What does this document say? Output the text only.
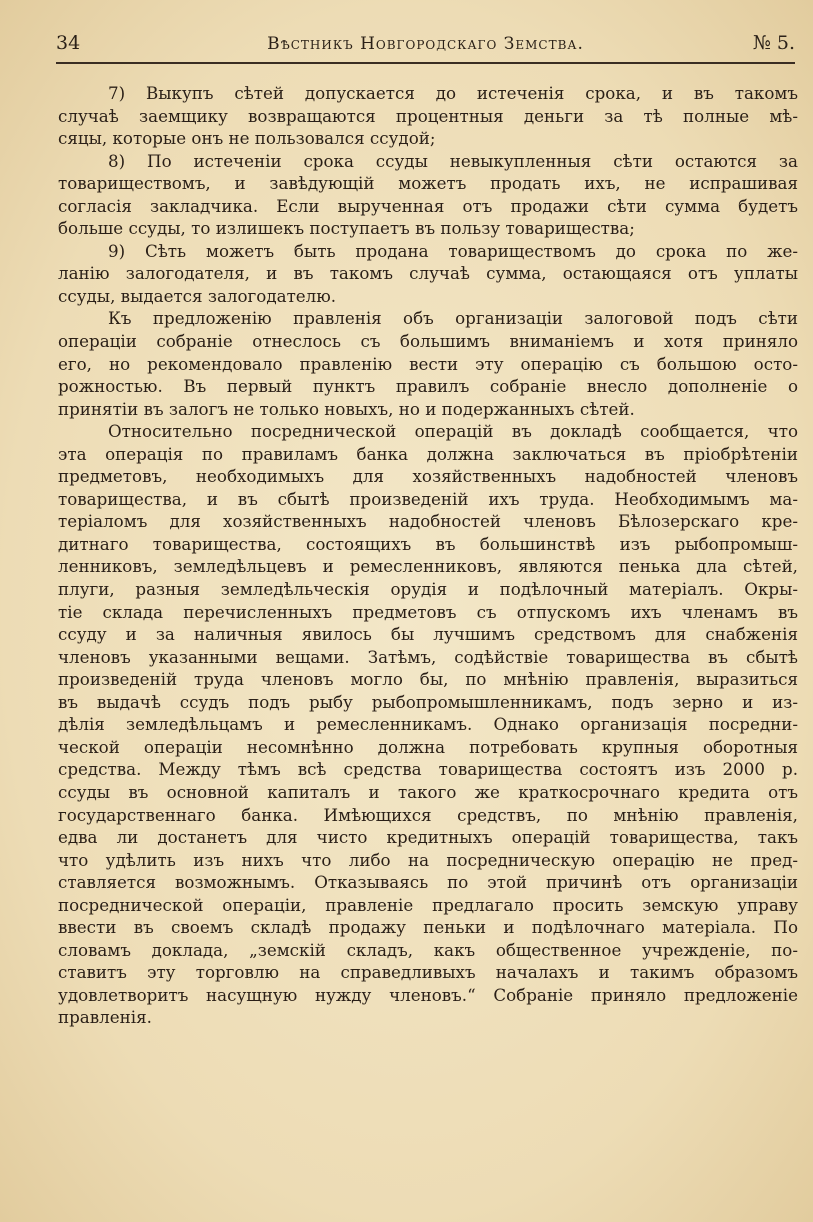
34	Вѣстникъ Новгородскаго Земства.	№ 5.
7) Выкупъ сѣтей допускается до истеченія срока, и въ такомъ
случаѣ заемщику возвращаются процентныя деньги за тѣ полные мѣ-
сяцы, которые онъ не пользовался ссудой;
8) По истеченіи срока ссуды невыкупленныя сѣти остаются за
товариществомъ, и завѣдующій можетъ продать ихъ, не испрашивая
согласія закладчика. Если вырученная отъ продажи сѣти сумма будетъ
больше ссуды, то излишекъ поступаетъ въ пользу товарищества;
9) Сѣть можетъ быть продана товариществомъ до срока по же-
ланію залогодателя, и въ такомъ случаѣ сумма, остающаяся отъ уплаты
ссуды, выдается залогодателю.
Къ предложенію правленія объ организаціи залоговой подъ сѣти
операціи собраніе отнеслось съ большимъ вниманіемъ и хотя приняло
его, но рекомендовало правленію вести эту операцію съ большою осто-
рожностью. Въ первый пунктъ правилъ собраніе внесло дополненіе о
принятіи въ залогъ не только новыхъ, но и подержанныхъ сѣтей.
Относительно посреднической операцій въ докладѣ сообщается, что
эта операція по правиламъ банка должна заключаться въ пріобрѣтеніи
предметовъ, необходимыхъ для хозяйственныхъ надобностей членовъ
товарищества, и въ сбытѣ произведеній ихъ труда. Необходимымъ ма-
теріаломъ для хозяйственныхъ надобностей членовъ Бѣлозерскаго кре-
дитнаго товарищества, состоящихъ въ большинствѣ изъ рыбопромыш-
ленниковъ, земледѣльцевъ и ремесленниковъ, являются пенька дла сѣтей,
плуги, разныя земледѣльческія орудія и подѣлочный матеріалъ. Окры-
тіе склада перечисленныхъ предметовъ съ отпускомъ ихъ членамъ въ
ссуду и за наличныя явилось бы лучшимъ средствомъ для снабженія
членовъ указанными вещами. Затѣмъ, содѣйствіе товарищества въ сбытѣ
произведеній труда членовъ могло бы, по мнѣнію правленія, выразиться
въ выдачѣ ссудъ подъ рыбу рыбопромышленникамъ, подъ зерно и из-
дѣлія земледѣльцамъ и ремесленникамъ. Однако организація посредни-
ческой операціи несомнѣнно должна потребовать крупныя оборотныя
средства. Между тѣмъ всѣ средства товарищества состоятъ изъ 2000 р.
ссуды въ основной капиталъ и такого же краткосрочнаго кредита отъ
государственнаго банка. Имѣющихся средствъ, по мнѣнію правленія,
едва ли достанетъ для чисто кредитныхъ операцій товарищества, такъ
что удѣлить изъ нихъ что либо на посредническую операцію не пред-
ставляется возможнымъ. Отказываясь по этой причинѣ отъ организаціи
посреднической операціи, правленіе предлагало просить земскую управу
ввести въ своемъ складѣ продажу пеньки и подѣлочнаго матеріала. По
словамъ доклада, „земскій складъ, какъ общественное учрежденіе, по-
ставитъ эту торговлю на справедливыхъ началахъ и такимъ образомъ
удовлетворитъ насущную нужду членовъ.“ Собраніе приняло предложеніе
правленія.
